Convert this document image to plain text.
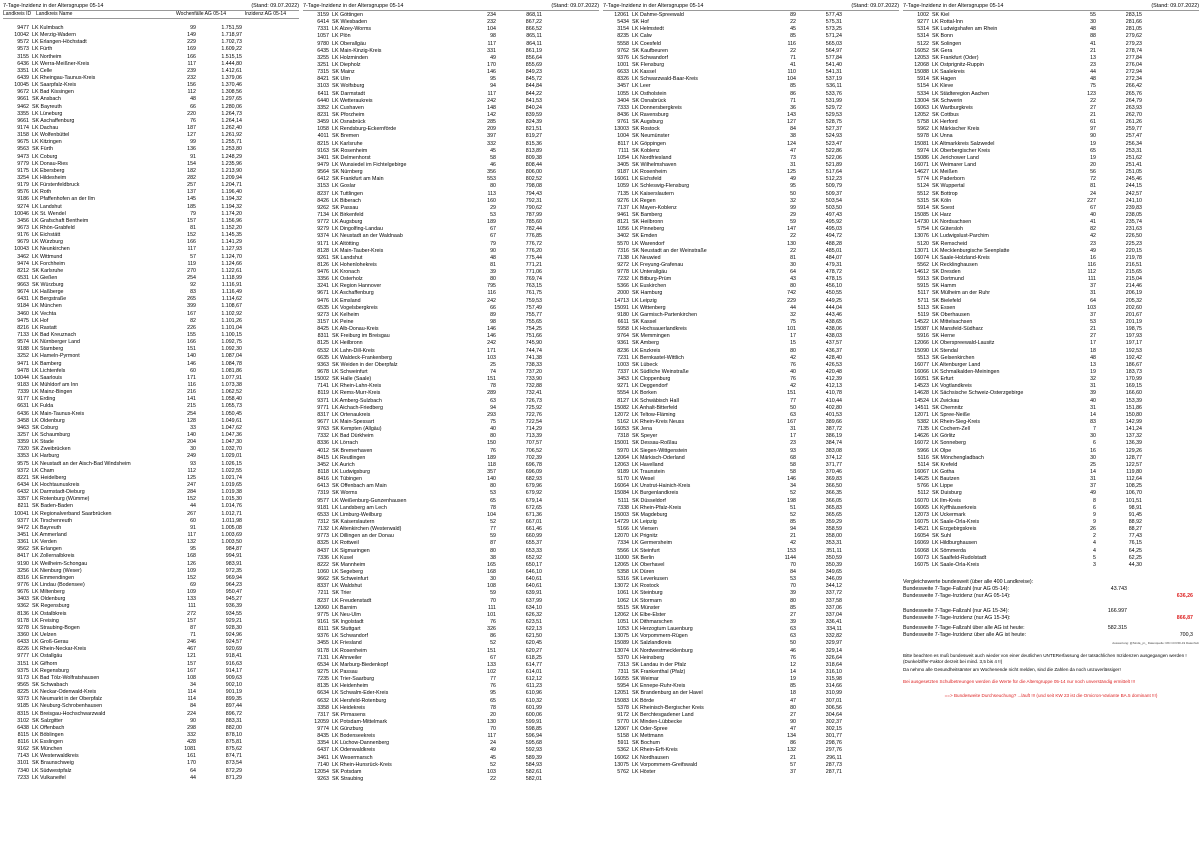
7-Tage-Inzidenz in der Altersgruppe 05-14	(Stand: 09.07.2022)
Landkreis ID Landkreis Name	Wochenfälle AG 05-14	Inzidenz AG 05-14
9477 LK Kulmbach	99	1.751,59
10042 LK Merzig-Wadern	149	1.718,97
9572 LK Erlangen-Höchstadt	229	1.702,73
9573 LK Fürth	169	1.609,22
3155 LK Northeim	166	1.515,15
6436 LK Werra-Meißner-Kreis	117	1.444,80
3351 LK Celle	239	1.412,61
6439 LK Rheingau-Taunus-Kreis	232	1.379,06
10045 LK Saarpfalz-Kreis	156	1.370,46
9672 LK Bad Kissingen	112	1.308,56
9661 SK Ansbach	48	1.297,65
9462 SK Bayreuth	66	1.280,06
3355 LK Lüneburg	220	1.264,73
9661 SK Aschaffenburg	76	1.264,14
9174 LK Dachau	187	1.262,40
3158 LK Wolfenbüttel	127	1.261,92
9675 LK Kitzingen	99	1.255,71
9563 SK Fürth	136	1.253,80
9473 LK Coburg	91	1.248,29
9779 LK Donau-Ries	154	1.235,96
9175 LK Ebersberg	182	1.213,90
3254 LK Hildesheim	282	1.209,94
9179 LK Fürstenfeldbruck	257	1.204,71
9576 LK Roth	137	1.196,40
9186 LK Pfaffenhofen an der Ilm	145	1.194,32
9274 LK Landshut	185	1.194,32
10046 LK St. Wendel	79	1.174,20
3456 LK Grafschaft Bentheim	157	1.156,96
9673 LK Rhön-Grabfeld	81	1.152,20
9176 LK Eichstätt	152	1.145,35
9679 LK Würzburg	166	1.141,29
10043 LK Neunkirchen	117	1.127,93
3462 LK Wittmund	57	1.124,70
9474 LK Forchheim	119	1.124,66
8212 SK Karlsruhe	270	1.122,61
6531 LK Gießen	254	1.118,99
9663 SK Würzburg	92	1.116,91
9674 LK Haßberge	83	1.116,49
6431 LK Bergstraße	265	1.114,62
9184 LK München	399	1.108,67
3460 LK Vechta	167	1.102,92
9475 LK Hof	82	1.101,26
8216 LK Rastatt	226	1.101,04
7133 LK Bad Kreuznach	155	1.100,15
9574 LK Nürnberger Land	166	1.092,75
9188 LK Starnberg	151	1.092,30
3252 LK Hameln-Pyrmont	140	1.087,04
9471 LK Bamberg	146	1.084,78
9478 LK Lichtenfels	60	1.081,86
10044 LK Saarlouis	171	1.077,91
9183 LK Mühldorf am Inn	116	1.073,38
7339 LK Mainz-Bingen	216	1.062,52
9177 LK Erding	141	1.058,40
6631 LK Fulda	215	1.055,73
6436 LK Main-Taunus-Kreis	254	1.050,45
3458 LK Oldenburg	128	1.049,61
9463 SK Coburg	33	1.047,62
3257 LK Schaumburg	140	1.047,36
3359 LK Stade	204	1.047,30
7320 SK Zweibrücken	30	1.032,70
3353 LK Harburg	249	1.029,01
9575 LK Neustadt an der Aisch-Bad Windsheim	93	1.026,15
9372 LK Cham	112	1.022,55
8221 SK Heidelberg	125	1.021,74
6434 LK Hochtaunuskreis	247	1.019,65
6432 LK Darmstadt-Dieburg	284	1.019,38
3357 LK Rotenburg (Wümme)	152	1.015,30
8211 SK Baden-Baden	44	1.014,76
10041 LK Regionalverband Saarbrücken	267	1.012,71
9377 LK Tirschenreuth	60	1.011,98
9472 LK Bayreuth	91	1.005,08
3451 LK Ammerland	117	1.003,69
3361 LK Verden	132	1.003,50
9562 SK Erlangen	95	984,87
8417 LK Zollernalbkreis	168	994,91
9190 LK Weilheim-Schongau	126	983,91
3256 LK Nienburg (Weser)	109	972,35
8316 LK Emmendingen	152	969,94
9776 LK Lindau (Bodensee)	69	964,23
9676 LK Miltenberg	109	950,47
3403 SK Oldenburg	133	945,27
9362 SK Regensburg	111	936,39
8136 LK Ostalbkreis	272	934,55
9178 LK Freising	157	929,21
9278 LK Straubing-Bogen	87	928,30
3360 LK Uelzen	71	924,96
6433 LK Groß-Gerau	246	924,57
8226 LK Rhein-Neckar-Kreis	467	920,69
9777 LK Ostallgäu	121	918,41
3151 LK Gifhorn	157	916,63
9375 LK Regensburg	167	914,17
9173 LK Bad Tölz-Wolfratshausen	108	909,63
9565 SK Schwabach	34	902,10
8225 LK Neckar-Odenwald-Kreis	114	901,19
9373 LK Neumarkt in der Oberpfalz	114	899,35
9185 LK Neuburg-Schrobenhausen	84	897,44
8315 LK Breisgau-Hochschwarzwald	224	896,72
3102 SK Salzgitter	90	883,31
6438 LK Offenbach	298	882,00
8115 LK Böblingen	332	878,10
8116 LK Esslingen	428	875,81
9162 SK München	1081	875,62
7143 LK Westerwaldkreis	161	874,71
3101 SK Braunschweig	170	873,54
7340 LK Südwestpfalz	64	872,29
7233 LK Vulkaneifel	44	871,29
7-Tage-Inzidenz in der Altersgruppe 05-14	(Stand: 09.07.2022)
3159 LK Göttingen	234	868,11
6414 SK Wiesbaden	232	867,22
7331 LK Alzey-Worms	104	866,52
1057 LK Plön	98	865,11
9780 LK Oberallgäu	117	864,11
6435 LK Main-Kinzig-Kreis	331	861,19
3255 LK Holzminden	49	856,64
3251 LK Diepholz	170	855,69
7315 SK Mainz	146	849,23
8421 SK Ulm	95	845,72
3103 SK Wolfsburg	94	844,84
6411 SK Darmstadt	117	844,22
6440 LK Wetteraukreis	242	841,53
3352 LK Cuxhaven	148	840,24
8231 SK Pforzheim	142	839,59
3459 LK Osnabrück	285	824,39
1058 LK Rendsburg-Eckernförde	209	821,51
4011 SK Bremen	397	819,27
8215 LK Karlsruhe	332	815,36
9163 SK Rosenheim	45	813,89
3401 SK Delmenhorst	58	809,38
9479 LK Wunsiedel im Fichtelgebirge	46	808,44
9564 SK Nürnberg	356	806,00
6412 SK Frankfurt am Main	553	802,52
3153 LK Goslar	80	798,08
8237 LK Tuttlingen	113	794,43
8426 LK Biberach	160	792,31
9262 SK Passau	29	790,62
7134 LK Birkenfeld	53	787,99
9772 LK Augsburg	189	785,60
9279 LK Dingolfing-Landau	67	782,44
9374 LK Neustadt an der Waldnaab	67	776,85
9171 LK Altötting	79	776,72
8128 LK Main-Tauber-Kreis	90	776,20
9261 SK Landshut	48	775,44
8126 LK Hohenlohekreis	81	771,21
9476 LK Kronach	39	771,06
3356 LK Osterholz	80	769,74
3241 LK Region Hannover	795	763,15
9671 LK Aschaffenburg	116	761,75
9476 LK Emsland	242	759,53
6535 LK Vogelsbergkreis	66	757,49
9273 LK Kelheim	89	755,77
3157 LK Peine	98	755,65
8425 LK Alb-Donau-Kreis	146	754,25
8311 SK Freiburg im Breisgau	146	751,66
8125 LK Heilbronn	242	745,90
6532 LK Lahn-Dill-Kreis	171	744,74
6635 LK Waldeck-Frankenberg	103	741,38
9363 SK Weiden in der Oberpfalz	25	738,33
9678 LK Schweinfurt	74	737,20
15002 SK Halle (Saale)	151	733,90
7141 LK Rhein-Lahn-Kreis	78	732,88
8119 LK Rems-Murr-Kreis	289	732,41
9371 LK Amberg-Sulzbach	63	726,73
9771 LK Aichach-Friedberg	94	725,92
8317 LK Ortenaukreis	293	722,76
9677 LK Main-Spessart	75	722,54
9763 SK Kempten (Allgäu)	40	714,29
7332 LK Bad Dürkheim	80	713,39
8336 LK Lörrach	150	707,57
4012 SK Bremerhaven	76	706,52
8415 LK Reutlingen	189	702,39
3452 LK Aurich	118	696,78
8118 LK Ludwigsburg	357	696,09
8416 LK Tübingen	140	682,93
6413 SK Offenbach am Main	80	679,96
7319 SK Worms	53	679,92
9577 LK Weißenburg-Gunzenhausen	65	679,14
9181 LK Landsberg am Lech	78	672,65
6533 LK Limburg-Weilburg	104	671,36
7312 SK Kaiserslautern	52	667,01
7132 LK Altenkirchen (Westerwald)	77	661,46
9773 LK Dillingen an der Donau	59	660,99
8325 LK Rottweil	87	655,37
8437 LK Sigmaringen	80	653,33
7336 LK Kusel	38	652,92
8222 SK Mannheim	165	650,17
1060 LK Segeberg	168	646,10
9662 SK Schweinfurt	30	640,61
8337 LK Waldshut	108	640,61
7211 SK Trier	59	639,91
8237 LK Freudenstadt	70	637,99
12060 LK Barnim	111	634,10
9775 LK Neu-Ulm	101	626,32
9161 SK Ingolstadt	76	623,51
8111 SK Stuttgart	326	622,13
9376 LK Schwandorf	86	621,50
3455 LK Friesland	52	620,45
9178 LK Rosenheim	151	620,27
7131 LK Ahrweiler	67	618,25
6534 LK Marburg-Biedenkopf	133	614,77
9275 LK Passau	102	614,01
7235 LK Trier-Saarburg	77	612,12
8135 LK Heidenheim	76	611,23
6634 LK Schwalm-Eder-Kreis	95	610,96
6632 LK Hersfeld-Rotenburg	65	610,32
3358 LK Heidekreis	78	601,99
7317 SK Pirmasens	20	600,06
12059 LK Potsdam-Mittelmark	130	599,91
9774 LK Günzburg	70	598,85
8435 LK Bodenseekreis	117	596,94
3354 LK Lüchow-Dannenberg	24	595,68
6437 LK Odenwaldkreis	49	592,93
3461 LK Wesermarsch	45	589,39
7140 LK Rhein-Hunsrück-Kreis	52	584,93
12054 SK Potsdam	103	582,61
9263 SK Straubing	22	582,01
7-Tage-Inzidenz in der Altersgruppe 05-14	(Stand: 09.07.2022)
12061 LK Dahme-Spreewald	89	577,43
5434 SK Hof	22	575,31
3154 LK Helmstedt	45	573,25
8235 LK Calw	85	571,24
5558 LK Coesfeld	116	565,03
9762 SK Kaufbeuren	22	564,97
9376 LK Schwandorf	71	577,84
1001 SK Flensburg	41	541,40
6633 LK Kassel	110	541,31
8326 LK Schwarzwald-Baar-Kreis	104	537,19
3457 LK Leer	85	536,11
1055 LK Ostholstein	86	533,76
3404 SK Osnabrück	71	531,99
7333 LK Donnersbergkreis	36	529,72
8436 LK Ravensburg	143	529,53
9761 SK Augsburg	127	528,75
13003 SK Rostock	84	527,37
1004 SK Neumünster	38	524,93
8117 LK Göppingen	124	523,47
7111 SK Koblenz	47	522,86
1054 LK Nordfriesland	73	522,06
3405 SK Wilhelmshaven	31	521,89
9187 LK Rosenheim	125	517,64
16061 LK Eichsfeld	49	512,23
1059 LK Schleswig-Flensburg	95	509,79
7135 LK Kaiserslautern	50	509,37
9276 LK Regen	32	503,54
7137 LK Mayen-Koblenz	99	503,50
9461 SK Bamberg	29	497,43
8121 SK Heilbronn	59	495,92
1056 LK Pinneberg	147	495,03
3402 SK Emden	22	494,72
5570 LK Warendorf	130	488,28
7316 SK Neustadt an der Weinstraße	22	485,01
7138 LK Neuwied	81	484,07
9272 LK Freyung-Grafenau	30	479,31
9778 LK Unterallgäu	64	478,72
7232 LK Bitburg-Prüm	43	478,15
5366 LK Euskirchen	80	456,10
2000 SK Hamburg	742	450,55
14713 LK Leipzig	229	449,25
15091 LK Wittenberg	44	444,04
9180 LK Garmisch-Partenkirchen	32	443,46
6611 SK Kassel	75	438,65
5958 LK Hochsauerlandkreis	101	438,06
9764 SK Memmingen	17	438,03
9361 SK Amberg	15	437,57
8236 LK Enzkreis	80	436,37
7231 LK Bernkastel-Wittlich	42	428,40
1003 SK Lübeck	76	426,53
7337 LK Südliche Weinstraße	40	420,48
3453 LK Cloppenburg	76	412,39
9271 LK Deggendorf	42	412,13
5554 LK Borken	151	410,78
8127 LK Schwäbisch Hall	77	410,44
15082 LK Anhalt-Bitterfeld	50	402,80
12072 LK Teltow-Fläming	63	401,53
5162 LK Rhein-Kreis Neuss	167	389,66
16053 SK Jena	31	387,72
7318 SK Speyer	17	386,19
15001 SK Dessau-Roßlau	23	384,74
5970 LK Siegen-Wittgenstein	93	383,08
12064 LK Märkisch-Oderland	68	374,12
12063 LK Havelland	58	371,77
9189 LK Traunstein	58	370,46
5170 LK Wesel	146	369,83
16064 LK Unstrut-Hainich-Kreis	34	366,50
15084 LK Burgenlandkreis	52	366,35
5111 SK Düsseldorf	198	366,05
7338 LK Rhein-Pfalz-Kreis	51	365,83
15003 SK Magdeburg	52	365,65
14729 LK Leipzig	85	359,29
5166 LK Viersen	94	358,59
12070 LK Prignitz	21	358,00
7334 LK Germersheim	42	353,31
5566 LK Steinfurt	153	351,11
11000 SK Berlin	1144	350,59
12065 LK Oberhavel	70	350,39
5358 LK Düren	84	349,65
5316 SK Leverkusen	53	346,09
13072 LK Rostock	70	344,12
1061 LK Steinburg	39	337,72
1062 LK Stormarn	80	337,58
5515 SK Münster	85	337,06
12062 LK Elbe-Elster	27	337,04
1051 LK Dithmarschen	39	336,41
1053 LK Herzogtum Lauenburg	63	334,11
13075 LK Vorpommern-Rügen	63	332,82
15089 LK Salzlandkreis	50	329,97
13074 LK Nordwestmecklenburg	46	329,14
5370 LK Heinsberg	76	326,64
7313 SK Landau in der Pfalz	12	318,64
7311 SK Frankenthal (Pfalz)	14	316,10
16055 SK Weimar	19	315,98
5954 LK Ennepe-Ruhr-Kreis	85	314,66
12051 SK Brandenburg an der Havel	18	310,99
15083 LK Börde	47	307,01
5378 LK Rheinisch-Bergischer Kreis	80	306,56
9172 LK Berchtesgadener Land	27	304,64
5770 LK Minden-Lübbecke	90	302,37
12067 LK Oder-Spree	47	302,15
5158 LK Mettmann	134	301,77
5911 SK Bochum	86	298,76
5362 LK Rhein-Erft-Kreis	132	297,76
16062 LK Nordhausen	21	296,11
13075 LK Vorpommern-Greifswald	57	287,73
5762 LK Höxter	37	287,71
7-Tage-Inzidenz in der Altersgruppe 05-14	(Stand: 09.07.2022)
1002 SK Kiel	55	283,15
9277 LK Rottal-Inn	30	281,66
5314 SK Ludwigshafen am Rhein	48	281,05
5314 SK Bonn	88	279,62
5122 SK Solingen	41	279,23
16052 SK Gera	21	278,74
12053 SK Frankfurt (Oder)	13	277,84
12068 LK Ostprignitz-Ruppin	23	276,04
15088 LK Saalekreis	44	272,94
5914 SK Hagen	48	272,34
5154 LK Kleve	75	266,42
5334 LK Städteregion Aachen	123	265,76
13004 SK Schwerin	22	264,79
16063 LK Wartburgkreis	27	263,93
12052 SK Cottbus	21	262,70
5758 LK Herford	61	261,26
5962 LK Märkischer Kreis	97	259,77
5978 LK Unna	90	257,47
15081 LK Altmarkkreis Salzwedel	19	256,34
5974 LK Oberbergischer Kreis	65	253,31
15086 LK Jerichower Land	19	251,62
16071 LK Weimarer Land	20	251,41
14627 LK Meißen	56	251,05
5774 LK Paderborn	72	245,46
5124 SK Wuppertal	81	244,15
5512 SK Bottrop	24	242,57
5315 SK Köln	227	241,10
5914 SK Soest	67	239,83
15085 LK Harz	40	238,05
14730 LK Nordsachsen	41	235,74
5754 LK Gütersloh	82	231,63
13076 LK Ludwigslust-Parchim	42	226,50
5120 SK Remscheid	23	225,23
13071 LK Mecklenburgische Seenplatte	49	220,15
16074 LK Saale-Holzland-Kreis	16	219,78
5562 LK Recklinghausen	116	216,51
14612 SK Dresden	112	215,65
5913 SK Dortmund	111	215,04
5915 SK Hamm	37	214,46
5117 SK Mülheim an der Ruhr	31	206,19
5711 SK Bielefeld	64	205,32
5113 SK Essen	103	202,60
5119 SK Oberhausen	37	201,67
14522 LK Mittelsachsen	53	201,19
15087 LK Mansfeld-Südharz	21	198,75
5916 SK Herne	27	197,93
12066 LK Oberspreewald-Lausitz	17	197,17
15090 LK Stendal	18	192,53
5513 SK Gelsenkirchen	48	192,42
16077 LK Altenburger Land	13	186,67
16066 LK Schmalkalden-Meiningen	19	183,73
16051 SK Erfurt	32	170,99
14523 LK Vogtlandkreis	31	169,15
14628 LK Sächsische Schweiz-Osterzgebirge	39	166,60
14524 LK Zwickau	40	153,39
14511 SK Chemnitz	31	151,86
12071 LK Spree-Neiße	14	150,80
5382 LK Rhein-Sieg-Kreis	83	142,99
7135 LK Cochem-Zell	7	141,24
14626 LK Görlitz	30	137,32
16072 LK Sonneberg	6	136,39
5966 LK Olpe	16	129,26
5116 SK Mönchengladbach	30	128,77
5114 SK Krefeld	25	122,57
16067 LK Gotha	14	119,80
14625 LK Bautzen	31	112,64
5766 LK Lippe	37	108,25
5112 SK Duisburg	49	106,70
16070 LK Ilm-Kreis	8	101,51
16065 LK Kyffhäuserkreis	6	98,91
12073 LK Uckermark	9	91,45
16075 LK Saale-Orla-Kreis	9	88,92
14521 LK Erzgebirgskreis	26	88,27
16054 SK Suhl	2	77,43
16069 LK Hildburghausen	4	76,15
16068 LK Sömmerda	4	64,25
16073 LK Saalfeld-Rudolstadt	5	62,25
16075 LK Saale-Orla-Kreis	3	44,30
Vergleichswerte bundesweit (über alle 400 Landkreise):
Bundesweite 7-Tage-Fallzahl (nur AG 05-14):	43.743
Bundesweite 7-Tage-Inzidenz (nur AG 05-14):	636,26
Bundesweite 7-Tage-Fallzahl (nur AG 15-34):	166.997
Bundesweite 7-Tage-Inzidenz (nur AG 15-34):	866,87
Bundesweite 7-Tage-Fallzahl über alle AG ist heute:	582.315
Bundesweite 7-Tage-Inzidenz über alle AG ist heute:	700,3
Auswertung: @Sinda_yn_ Datenquelle: RKI COVID-19 Datenhub

Bitte beachten es muß bundesweit auch wieder von einer deutlichen UNTERerfassung der tatsächlichen Inzidenzen ausgegangen werden ! (Dunkelziffer-Faktor derzeit bei mind. 3,5 bis 4 !!)

Da nehmo alle Gesundheitsämter am Wochenende nicht melden, sind die Zahlen da noch unzuverlässiger!

Bei ausgesetzten Schulbetreungen werden die Werte für die Altersgruppe 05-14 nur noch unverständig ermittelt !!!

==> Bundesweite Durchseuchung? ...läuft !!! (und seit KW 23 ist die Omicron-Variante BA.5 dominant !!!)
